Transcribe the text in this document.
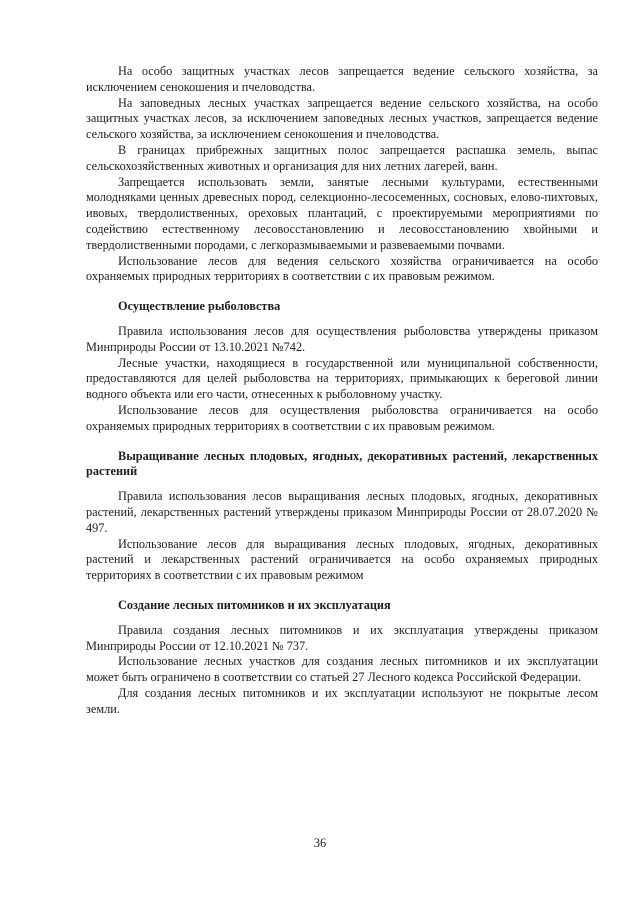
На особо защитных участках лесов запрещается ведение сельского хозяйства, за исключением сенокошения и пчеловодства.

На заповедных лесных участках запрещается ведение сельского хозяйства, на особо защитных участках лесов, за исключением заповедных лесных участков, запрещается ведение сельского хозяйства, за исключением сенокошения и пчеловодства.

В границах прибрежных защитных полос запрещается распашка земель, выпас сельскохозяйственных животных и организация для них летних лагерей, ванн.

Запрещается использовать земли, занятые лесными культурами, естественными молодняками ценных древесных пород, селекционно-лесосеменных, сосновых, елово-пихтовых, ивовых, твердолиственных, ореховых плантаций, с проектируемыми мероприятиями по содействию естественному лесовосстановлению и лесовосстановлению хвойными и твердолиственными породами, с легкоразмываемыми и развеваемыми почвами.

Использование лесов для ведения сельского хозяйства ограничивается на особо охраняемых природных территориях в соответствии с их правовым режимом.

Осуществление рыболовства

Правила использования лесов для осуществления рыболовства утверждены приказом Минприроды России от 13.10.2021 №742.

Лесные участки, находящиеся в государственной или муниципальной собственности, предоставляются для целей рыболовства на территориях, примыкающих к береговой линии водного объекта или его части, отнесенных к рыболовному участку.

Использование лесов для осуществления рыболовства ограничивается на особо охраняемых природных территориях в соответствии с их правовым режимом.

Выращивание лесных плодовых, ягодных, декоративных растений, лекарственных растений

Правила использования лесов выращивания лесных плодовых, ягодных, декоративных растений, лекарственных растений утверждены приказом Минприроды России от 28.07.2020 № 497.

Использование лесов для выращивания лесных плодовых, ягодных, декоративных растений и лекарственных растений ограничивается на особо охраняемых природных территориях в соответствии с их правовым режимом

Создание лесных питомников и их эксплуатация

Правила создания лесных питомников и их эксплуатация утверждены приказом Минприроды России от 12.10.2021 № 737.

Использование лесных участков для создания лесных питомников и их эксплуатации может быть ограничено в соответствии со статьей 27 Лесного кодекса Российской Федерации.

Для создания лесных питомников и их эксплуатации используют не покрытые лесом земли.

36
